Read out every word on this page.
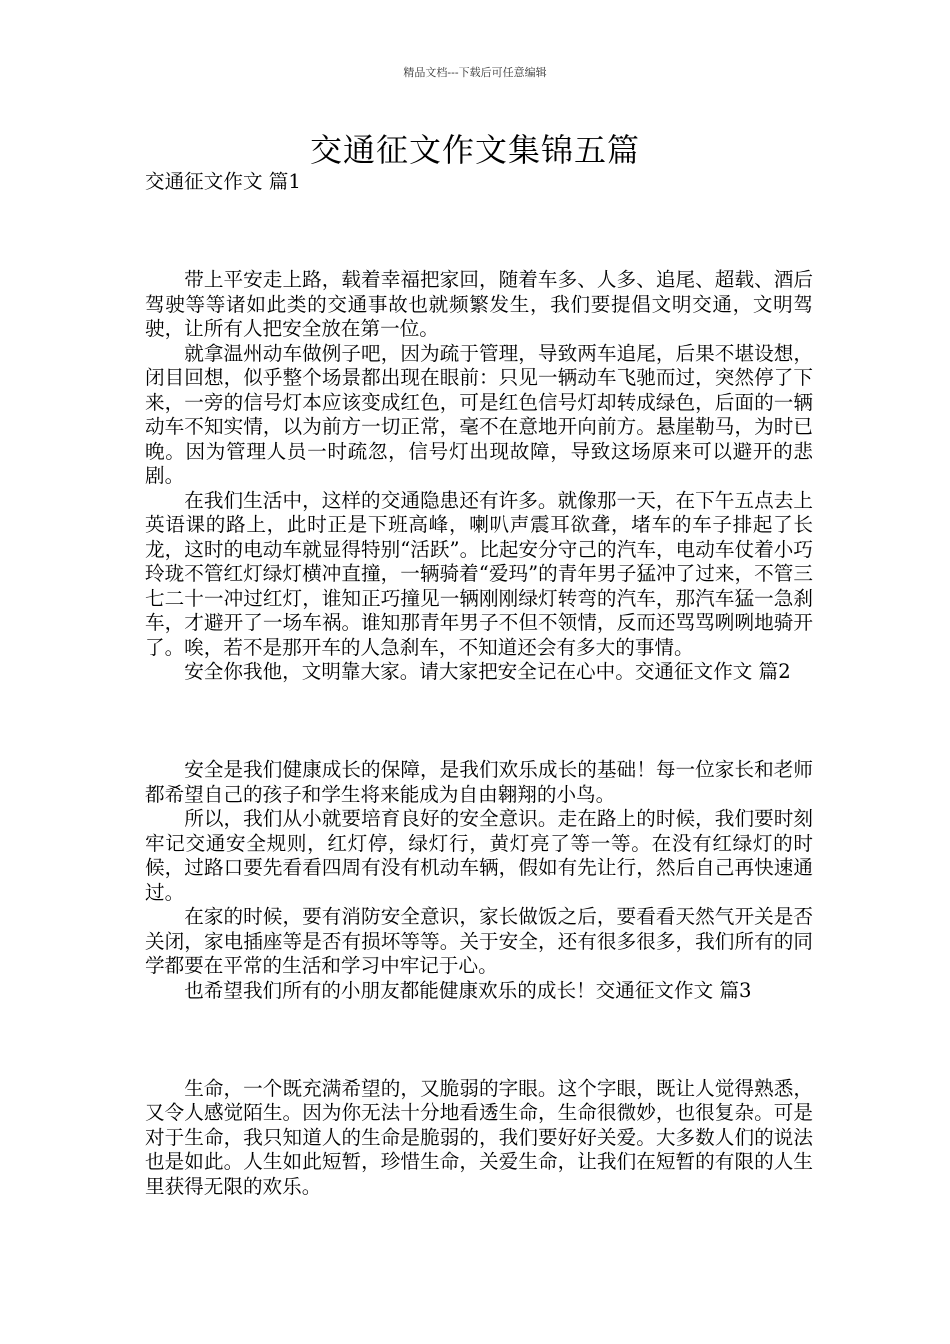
精品文档---下载后可任意编辑
交通征文作文集锦五篇

交通征文作文 篇1

带上平安走上路，载着幸福把家回，随着车多、人多、追尾、超载、酒后驾驶等等诸如此类的交通事故也就频繁发生，我们要提倡文明交通，文明驾驶，让所有人把安全放在第一位。

就拿温州动车做例子吧，因为疏于管理，导致两车追尾，后果不堪设想，闭目回想，似乎整个场景都出现在眼前：只见一辆动车飞驰而过，突然停了下来，一旁的信号灯本应该变成红色，可是红色信号灯却转成绿色，后面的一辆动车不知实情，以为前方一切正常，毫不在意地开向前方。悬崖勒马，为时已晚。因为管理人员一时疏忽，信号灯出现故障，导致这场原来可以避开的悲剧。

在我们生活中，这样的交通隐患还有许多。就像那一天，在下午五点去上英语课的路上，此时正是下班高峰，喇叭声震耳欲聋，堵车的车子排起了长龙，这时的电动车就显得特别“活跃”。比起安分守己的汽车，电动车仗着小巧玲珑不管红灯绿灯横冲直撞，一辆骑着“爱玛”的青年男子猛冲了过来，不管三七二十一冲过红灯，谁知正巧撞见一辆刚刚绿灯转弯的汽车，那汽车猛一急刹车，才避开了一场车祸。谁知那青年男子不但不领情，反而还骂骂咧咧地骑开了。唉，若不是那开车的人急刹车，不知道还会有多大的事情。

安全你我他，文明靠大家。请大家把安全记在心中。交通征文作文 篇2

安全是我们健康成长的保障，是我们欢乐成长的基础！每一位家长和老师都希望自己的孩子和学生将来能成为自由翱翔的小鸟。

所以，我们从小就要培育良好的安全意识。走在路上的时候，我们要时刻牢记交通安全规则，红灯停，绿灯行，黄灯亮了等一等。在没有红绿灯的时候，过路口要先看看四周有没有机动车辆，假如有先让行，然后自己再快速通过。

在家的时候，要有消防安全意识，家长做饭之后，要看看天然气开关是否关闭，家电插座等是否有损坏等等。关于安全，还有很多很多，我们所有的同学都要在平常的生活和学习中牢记于心。

也希望我们所有的小朋友都能健康欢乐的成长！交通征文作文 篇3

生命，一个既充满希望的，又脆弱的字眼。这个字眼，既让人觉得熟悉，又令人感觉陌生。因为你无法十分地看透生命，生命很微妙，也很复杂。可是对于生命，我只知道人的生命是脆弱的，我们要好好关爱。大多数人们的说法也是如此。人生如此短暂，珍惜生命，关爱生命，让我们在短暂的有限的人生里获得无限的欢乐。
